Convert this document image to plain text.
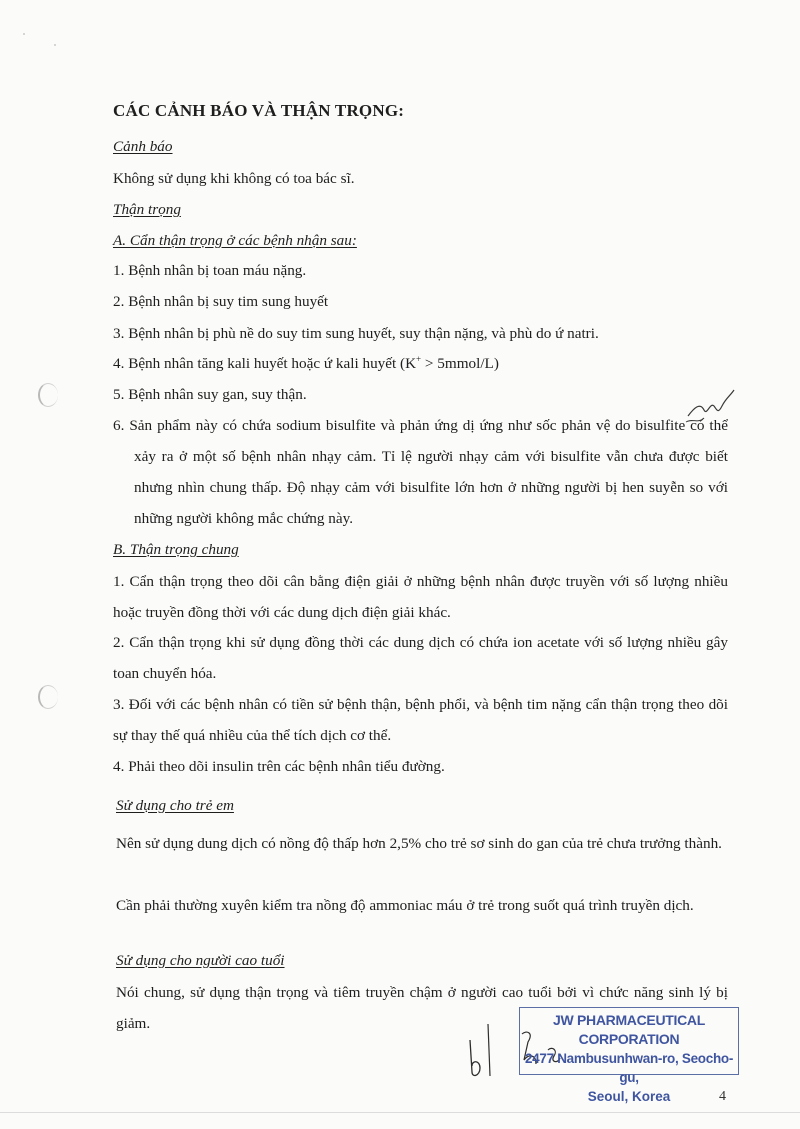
CÁC CẢNH BÁO VÀ THẬN TRỌNG:
Cảnh báo
Không sử dụng khi không có toa bác sĩ.
Thận trọng
A. Cẩn thận trọng ở các bệnh nhận sau:
1. Bệnh nhân bị toan máu nặng.
2. Bệnh nhân bị suy tim sung huyết
3. Bệnh nhân bị phù nề do suy tim sung huyết, suy thận nặng, và phù do ứ natri.
4. Bệnh nhân tăng kali huyết hoặc ứ kali huyết (K+ > 5mmol/L)
5. Bệnh nhân suy gan, suy thận.
6. Sản phẩm này có chứa sodium bisulfite và phản ứng dị ứng như sốc phản vệ do bisulfite có thể xảy ra ở một số bệnh nhân nhạy cảm. Tỉ lệ người nhạy cảm với bisulfite vẫn chưa được biết nhưng nhìn chung thấp. Độ nhạy cảm với bisulfite lớn hơn ở những người bị hen suyễn so với những người không mắc chứng này.
B. Thận trọng chung
1. Cẩn thận trọng theo dõi cân bằng điện giải ở những bệnh nhân được truyền với số lượng nhiều hoặc truyền đồng thời với các dung dịch điện giải khác.
2. Cẩn thận trọng khi sử dụng đồng thời các dung dịch có chứa ion acetate với số lượng nhiều gây toan chuyển hóa.
3. Đối với các bệnh nhân có tiền sử bệnh thận, bệnh phổi, và bệnh tim nặng cẩn thận trọng theo dõi sự thay thế quá nhiều của thể tích dịch cơ thể.
4. Phải theo dõi insulin trên các bệnh nhân tiểu đường.
Sử dụng cho trẻ em
Nên sử dụng dung dịch có nồng độ thấp hơn 2,5% cho trẻ sơ sinh do gan của trẻ chưa trưởng thành.
Cần phải thường xuyên kiểm tra nồng độ ammoniac máu ở trẻ trong suốt quá trình truyền dịch.
Sử dụng cho người cao tuổi
Nói chung, sử dụng thận trọng và tiêm truyền chậm ở người cao tuổi bởi vì chức năng sinh lý bị giảm.	JW PHARMACEUTICAL CORPORATION
2477 Nambusunhwan-ro, Seocho-gu,
Seoul, Korea	4
